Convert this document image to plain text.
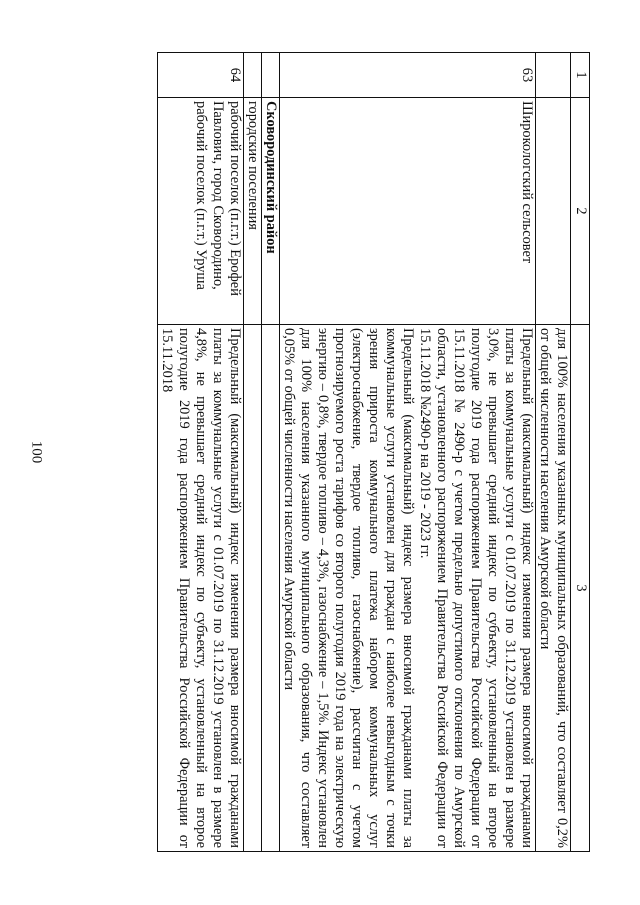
100
1	2	3
		для 100% населения указанных муниципальных образований, что составляет 0,2% от общей численности населения Амурской области
63	Широкологский сельсовет	Предельный (максимальный) индекс изменения размера вносимой гражданами платы за коммунальные услуги с 01.07.2019 по 31.12.2019 установлен в размере 3,0%, не превышает средний индекс по субъекту, установленный на второе полугодие 2019 года распоряжением Правительства Российской Федерации от 15.11.2018 № 2490-р с учетом предельно допустимого отклонения по Амурской области, установленного распоряжением Правительства Российской Федерации от 15.11.2018 №2490-р на 2019 - 2023 гг.

Предельный (максимальный) индекс размера вносимой гражданами платы за коммунальные услуги установлен для граждан с наиболее невыгодным с точки зрения прироста коммунального платежа набором коммунальных услуг (электроснабжение, твердое топливо, газоснабжение), рассчитан с учетом прогнозируемого роста тарифов со второго полугодия 2019 года на электрическую энергию – 0,8%, твердое топливо – 4,3%, газоснабжение – 1,5%. Индекс установлен для 100% населения указанного муниципального образования, что составляет 0,05% от общей численности населения Амурской области

	Сковородинский район	
	городские поселения	
64	рабочий поселок (п.г.т.) Ерофей Павлович, город Сковородино, рабочий поселок (п.г.т.) Уруша	Предельный (максимальный) индекс изменения размера вносимой гражданами платы за коммунальные услуги с 01.07.2019 по 31.12.2019 установлен в размере 4,8%, не превышает средний индекс по субъекту, установленный на второе полугодие 2019 года распоряжением Правительства Российской Федерации от 15.11.2018
